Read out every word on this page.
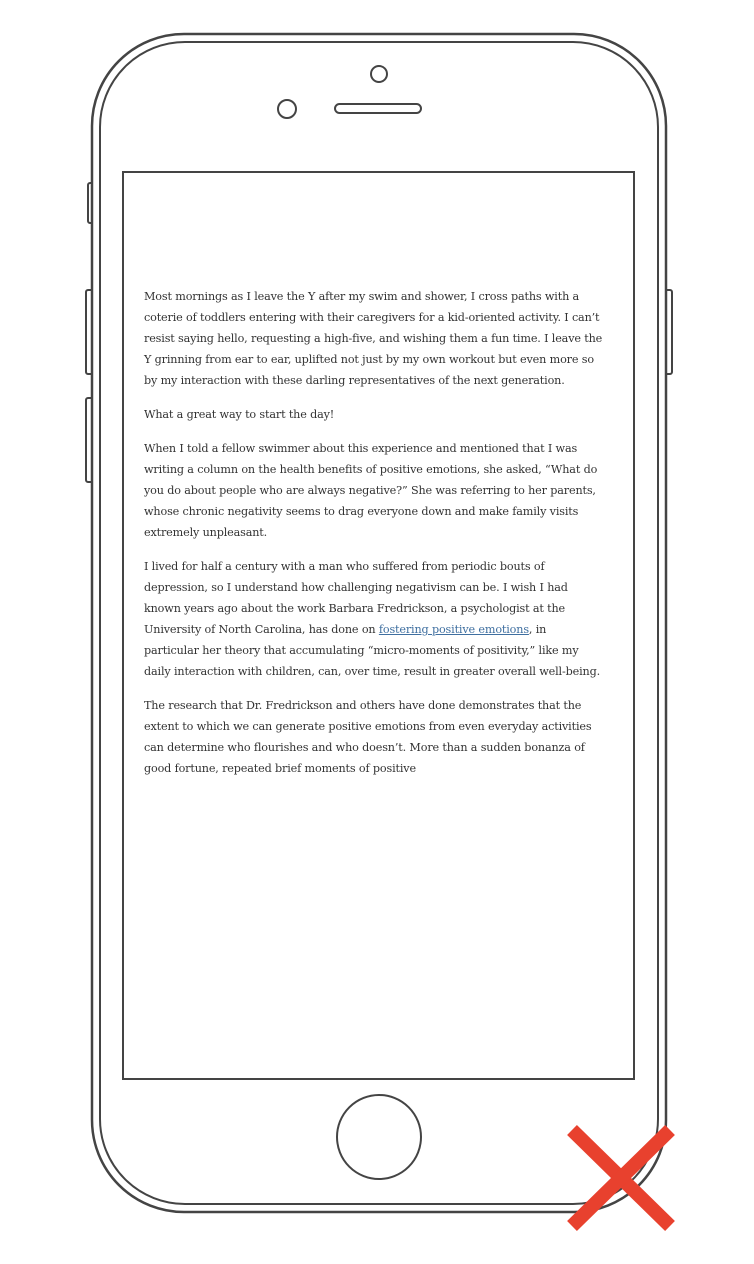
Most mornings as I leave the Y after my swim and shower, I cross paths with a coterie of toddlers entering with their caregivers for a kid-oriented activity. I can’t resist saying hello, requesting a high-five, and wishing them a fun time. I leave the Y grinning from ear to ear, uplifted not just by my own workout but even more so by my interaction with these darling representatives of the next generation.

What a great way to start the day!

When I told a fellow swimmer about this experience and mentioned that I was writing a column on the health benefits of positive emotions, she asked, “What do you do about people who are always negative?” She was referring to her parents, whose chronic negativity seems to drag everyone down and make family visits extremely unpleasant.

I lived for half a century with a man who suffered from periodic bouts of depression, so I understand how challenging negativism can be. I wish I had known years ago about the work Barbara Fredrickson, a psychologist at the University of North Carolina, has done on fostering positive emotions, in particular her theory that accumulating “micro-moments of positivity,” like my daily interaction with children, can, over time, result in greater overall well-being.

The research that Dr. Fredrickson and others have done demonstrates that the extent to which we can generate positive emotions from even everyday activities can determine who flourishes and who doesn’t. More than a sudden bonanza of good fortune, repeated brief moments of positive
